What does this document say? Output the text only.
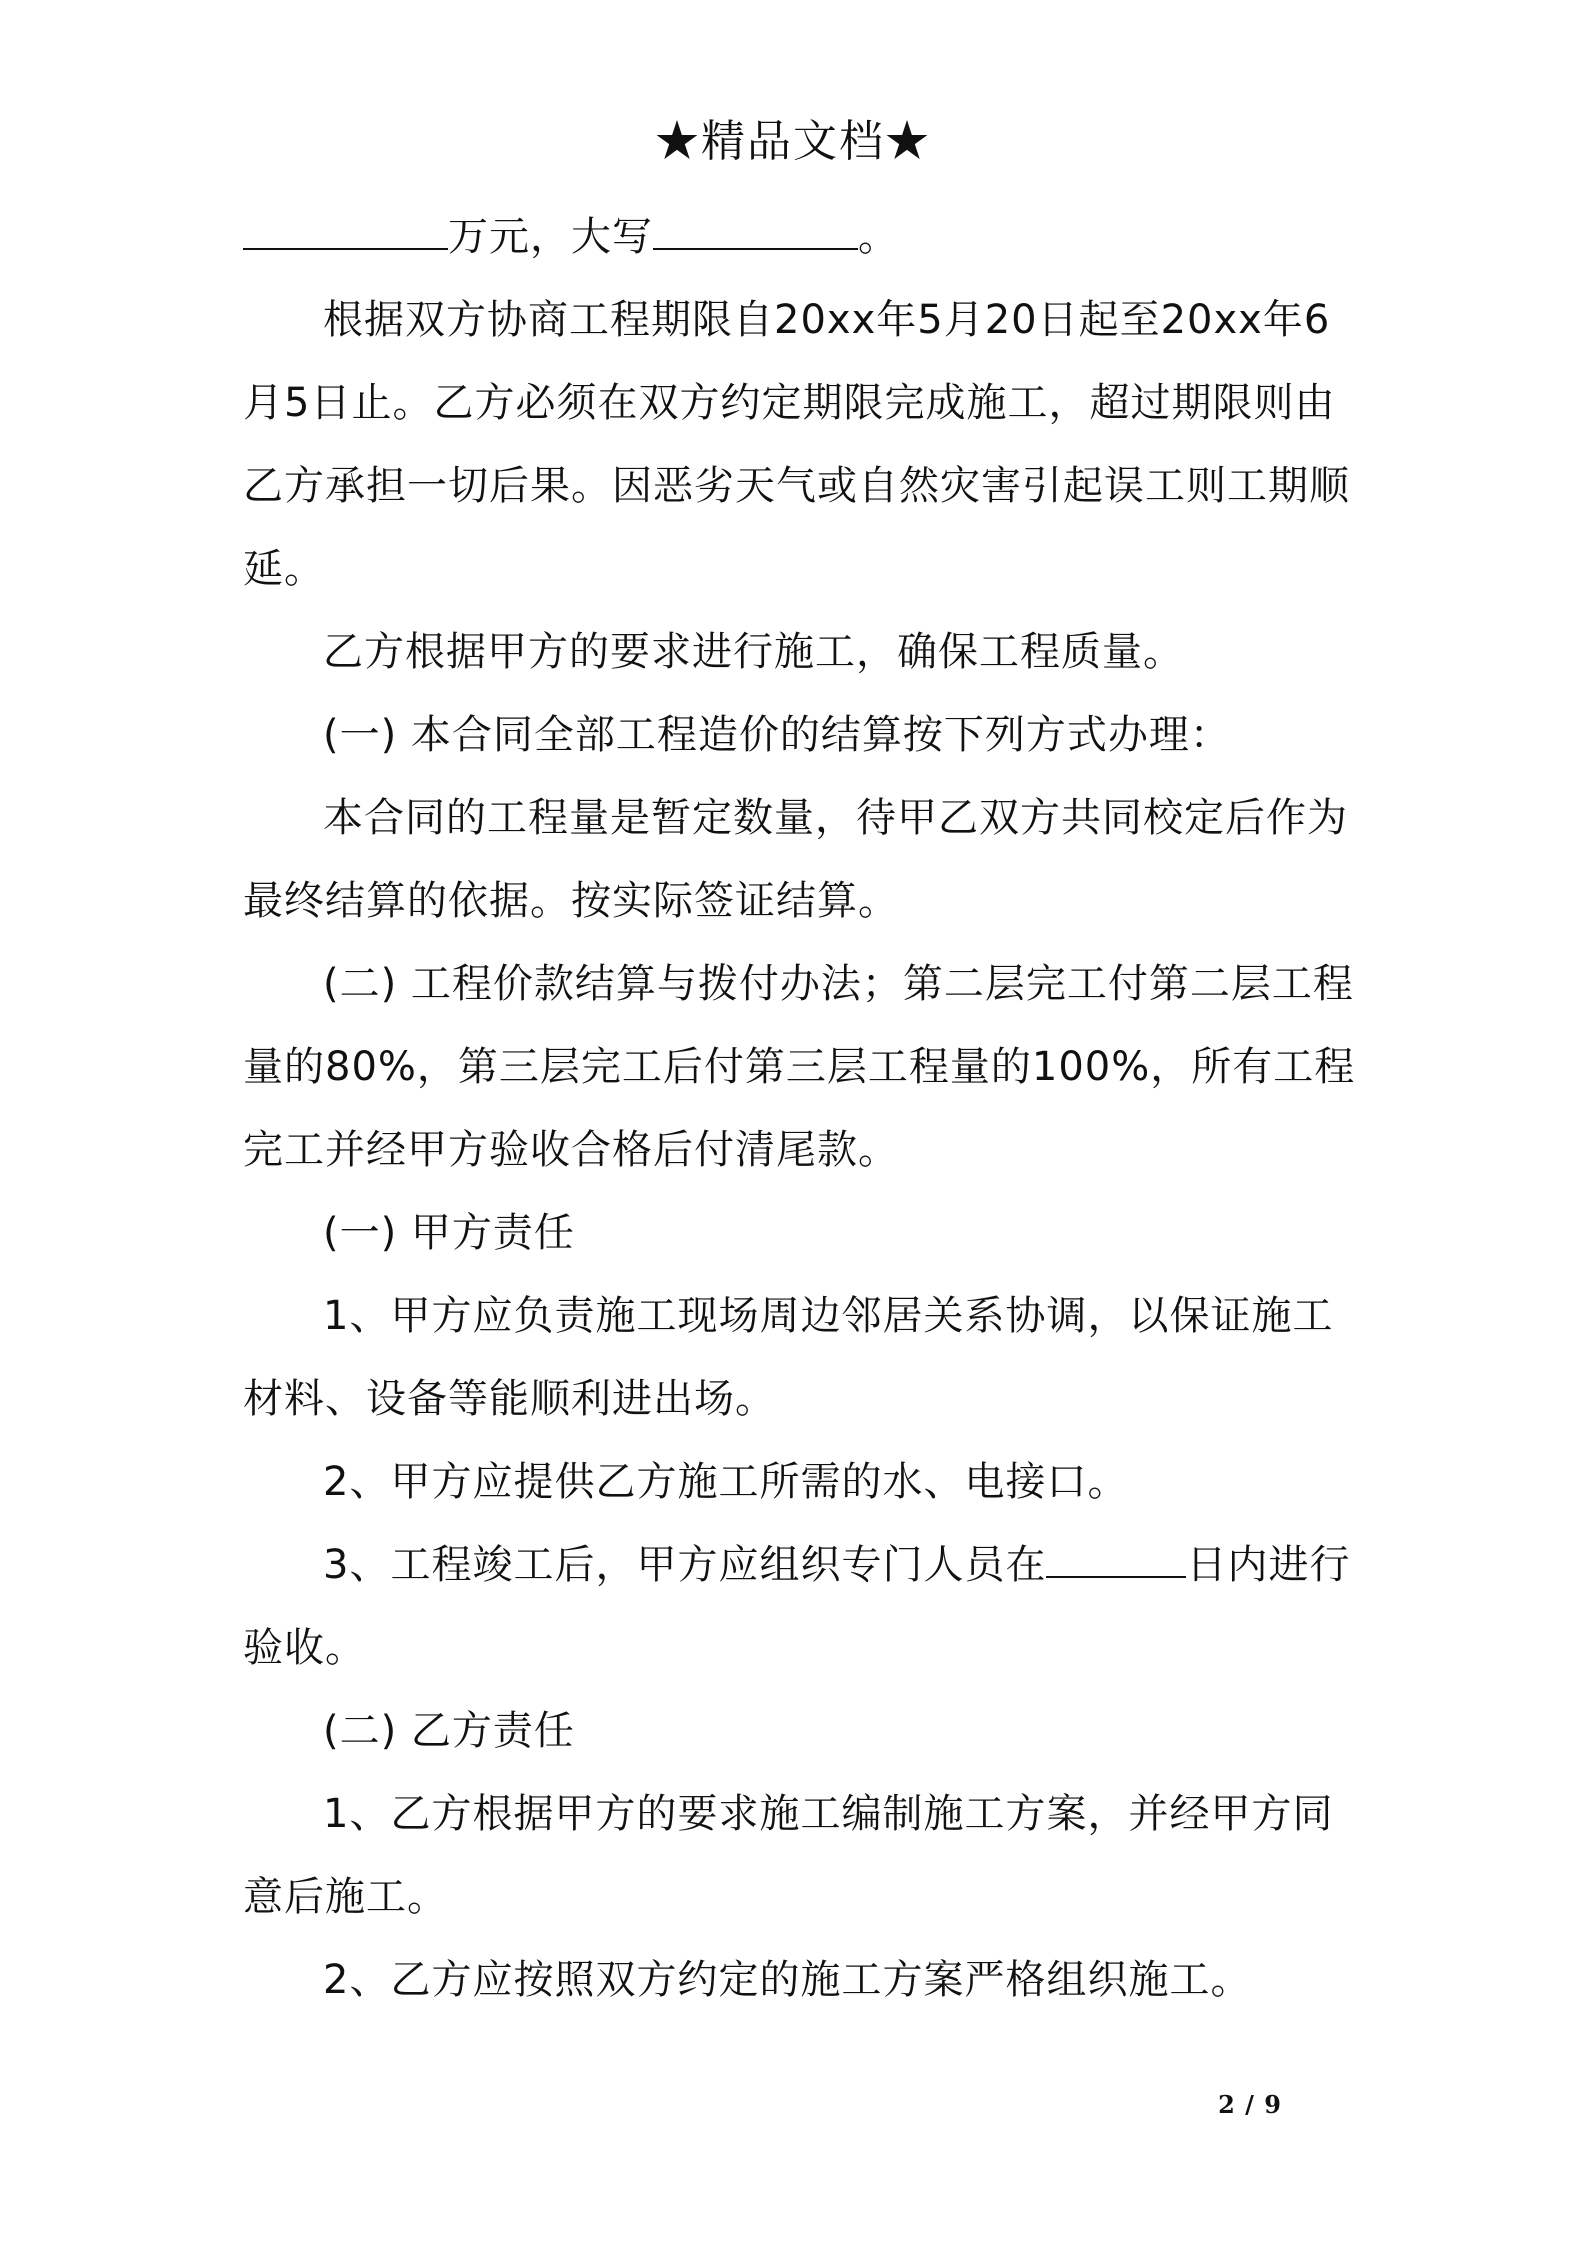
★精品文档★

万元，大写	。

根据双方协商工程期限自20xx年5月20日起至20xx年6月5日止。乙方必须在双方约定期限完成施工，超过期限则由乙方承担一切后果。因恶劣天气或自然灾害引起误工则工期顺延。

乙方根据甲方的要求进行施工，确保工程质量。

(一) 本合同全部工程造价的结算按下列方式办理：

本合同的工程量是暂定数量，待甲乙双方共同校定后作为最终结算的依据。按实际签证结算。

(二) 工程价款结算与拨付办法；第二层完工付第二层工程量的80%，第三层完工后付第三层工程量的100%，所有工程完工并经甲方验收合格后付清尾款。

(一) 甲方责任

1、甲方应负责施工现场周边邻居关系协调，以保证施工材料、设备等能顺利进出场。

2、甲方应提供乙方施工所需的水、电接口。

3、工程竣工后，甲方应组织专门人员在	日内进行验收。

(二) 乙方责任

1、乙方根据甲方的要求施工编制施工方案，并经甲方同意后施工。

2、乙方应按照双方约定的施工方案严格组织施工。

2 / 9
